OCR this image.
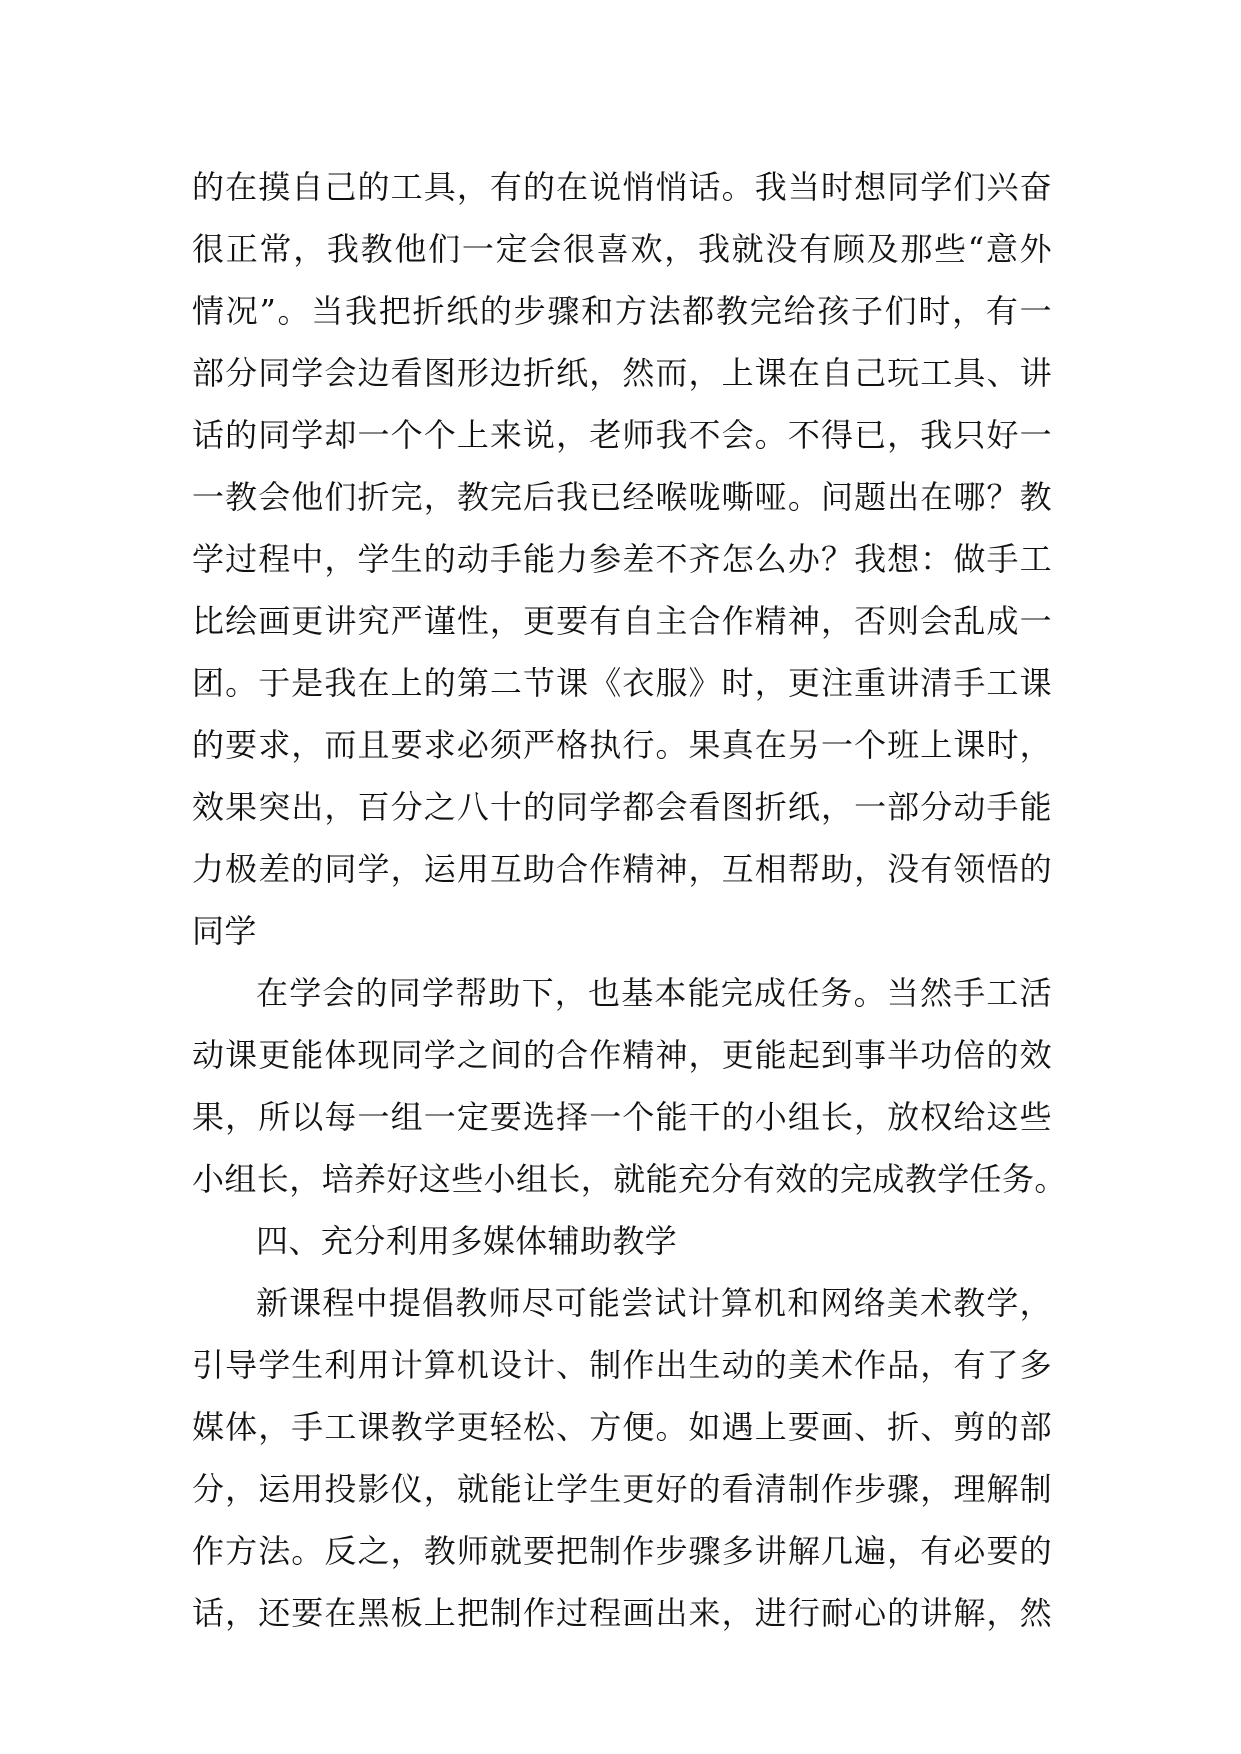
的在摸自己的工具，有的在说悄悄话。我当时想同学们兴奋
很正常，我教他们一定会很喜欢，我就没有顾及那些“意外
情况”。当我把折纸的步骤和方法都教完给孩子们时，有一
部分同学会边看图形边折纸，然而，上课在自己玩工具、讲
话的同学却一个个上来说，老师我不会。不得已，我只好一
一教会他们折完，教完后我已经喉咙嘶哑。问题出在哪？教
学过程中，学生的动手能力参差不齐怎么办？我想：做手工
比绘画更讲究严谨性，更要有自主合作精神，否则会乱成一
团。于是我在上的第二节课《衣服》时，更注重讲清手工课
的要求，而且要求必须严格执行。果真在另一个班上课时，
效果突出，百分之八十的同学都会看图折纸，一部分动手能
力极差的同学，运用互助合作精神，互相帮助，没有领悟的
同学
在学会的同学帮助下，也基本能完成任务。当然手工活
动课更能体现同学之间的合作精神，更能起到事半功倍的效
果，所以每一组一定要选择一个能干的小组长，放权给这些
小组长，培养好这些小组长，就能充分有效的完成教学任务。
四、充分利用多媒体辅助教学
新课程中提倡教师尽可能尝试计算机和网络美术教学，
引导学生利用计算机设计、制作出生动的美术作品，有了多
媒体，手工课教学更轻松、方便。如遇上要画、折、剪的部
分，运用投影仪，就能让学生更好的看清制作步骤，理解制
作方法。反之，教师就要把制作步骤多讲解几遍，有必要的
话，还要在黑板上把制作过程画出来，进行耐心的讲解，然
